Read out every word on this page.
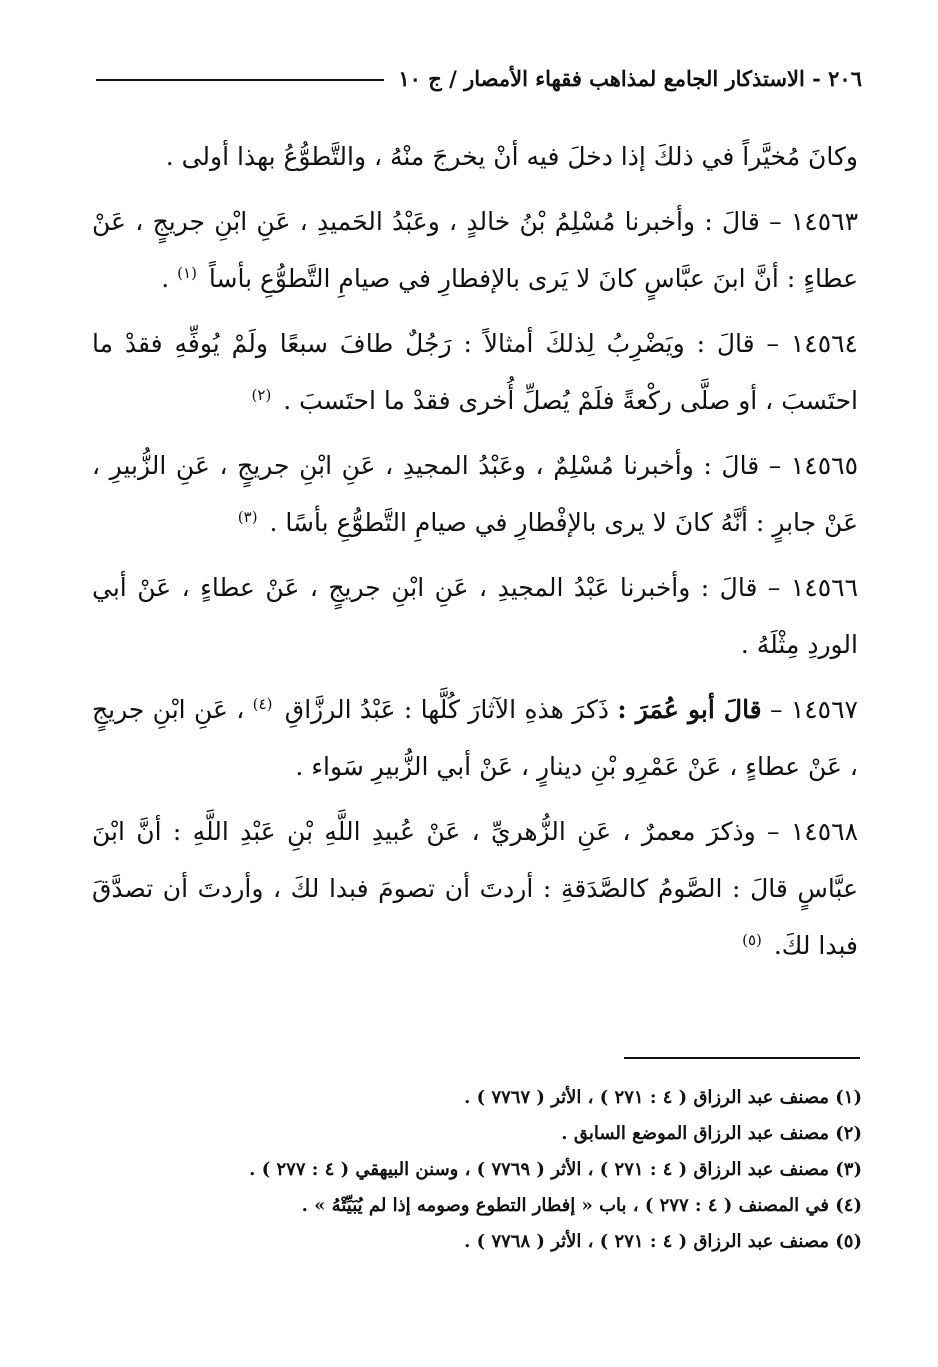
٢٠٦ - الاستذكار الجامع لمذاهب فقهاء الأمصار / ج ١٠

وكانَ مُخيَّراً في ذلكَ إذا دخلَ فيه أنْ يخرجَ منْهُ ، والتَّطوُّعُ بهذا أولى .

١٤٥٦٣ – قالَ : وأخبرنا مُسْلِمُ بْنُ خالدٍ ، وعَبْدُ الحَميدِ ، عَنِ ابْنِ جريجٍ ، عَنْ عطاءٍ : أنَّ ابنَ عبَّاسٍ كانَ لا يَرى بالإفطارِ في صيامِ التَّطوُّعِ بأساً $^{(١)}$ .

١٤٥٦٤ – قالَ : ويَضْرِبُ لِذلكَ أمثالاً : رَجُلٌ طافَ سبعًا ولَمْ يُوفِّهِ فقدْ ما احتَسبَ ، أو صلَّى ركْعةً فلَمْ يُصلِّ أُخرى فقدْ ما احتَسبَ . $^{(٢)}$

١٤٥٦٥ – قالَ : وأخبرنا مُسْلِمٌ ، وعَبْدُ المجيدِ ، عَنِ ابْنِ جريجٍ ، عَنِ الزُّبيرِ ، عَنْ جابرٍ : أنَّهُ كانَ لا يرى بالإفْطارِ في صيامِ التَّطوُّعِ بأسًا . $^{(٣)}$

١٤٥٦٦ – قالَ : وأخبرنا عَبْدُ المجيدِ ، عَنِ ابْنِ جريجٍ ، عَنْ عطاءٍ ، عَنْ أبي الوردِ مِثْلَهُ .

١٤٥٦٧ – قالَ أبو عُمَرَ : ذَكرَ هذهِ الآثارَ كُلَّها : عَبْدُ الرزَّاقِ $^{(٤)}$ ، عَنِ ابْنِ جريجٍ ، عَنْ عطاءٍ ، عَنْ عَمْرِو بْنِ دينارٍ ، عَنْ أبي الزُّبيرِ سَواء .

١٤٥٦٨ – وذكرَ معمرٌ ، عَنِ الزُّهريِّ ، عَنْ عُبيدِ اللَّهِ بْنِ عَبْدِ اللَّهِ : أنَّ ابْنَ عبَّاسٍ قالَ : الصَّومُ كالصَّدَقةِ : أردتَ أن تصومَ فبدا لكَ ، وأردتَ أن تصدَّقَ فبدا لكَ. $^{(٥)}$

(١) مصنف عبد الرزاق ( ٤ : ٢٧١ ) ، الأثر ( ٧٧٦٧ ) .

(٢) مصنف عبد الرزاق الموضع السابق .

(٣) مصنف عبد الرزاق ( ٤ : ٢٧١ ) ، الأثر ( ٧٧٦٩ ) ، وسنن البيهقي ( ٤ : ٢٧٧ ) .

(٤) في المصنف ( ٤ : ٢٧٧ ) ، باب « إفطار التطوع وصومه إذا لم يُبَيِّتْهُ » .

(٥) مصنف عبد الرزاق ( ٤ : ٢٧١ ) ، الأثر ( ٧٧٦٨ ) .
